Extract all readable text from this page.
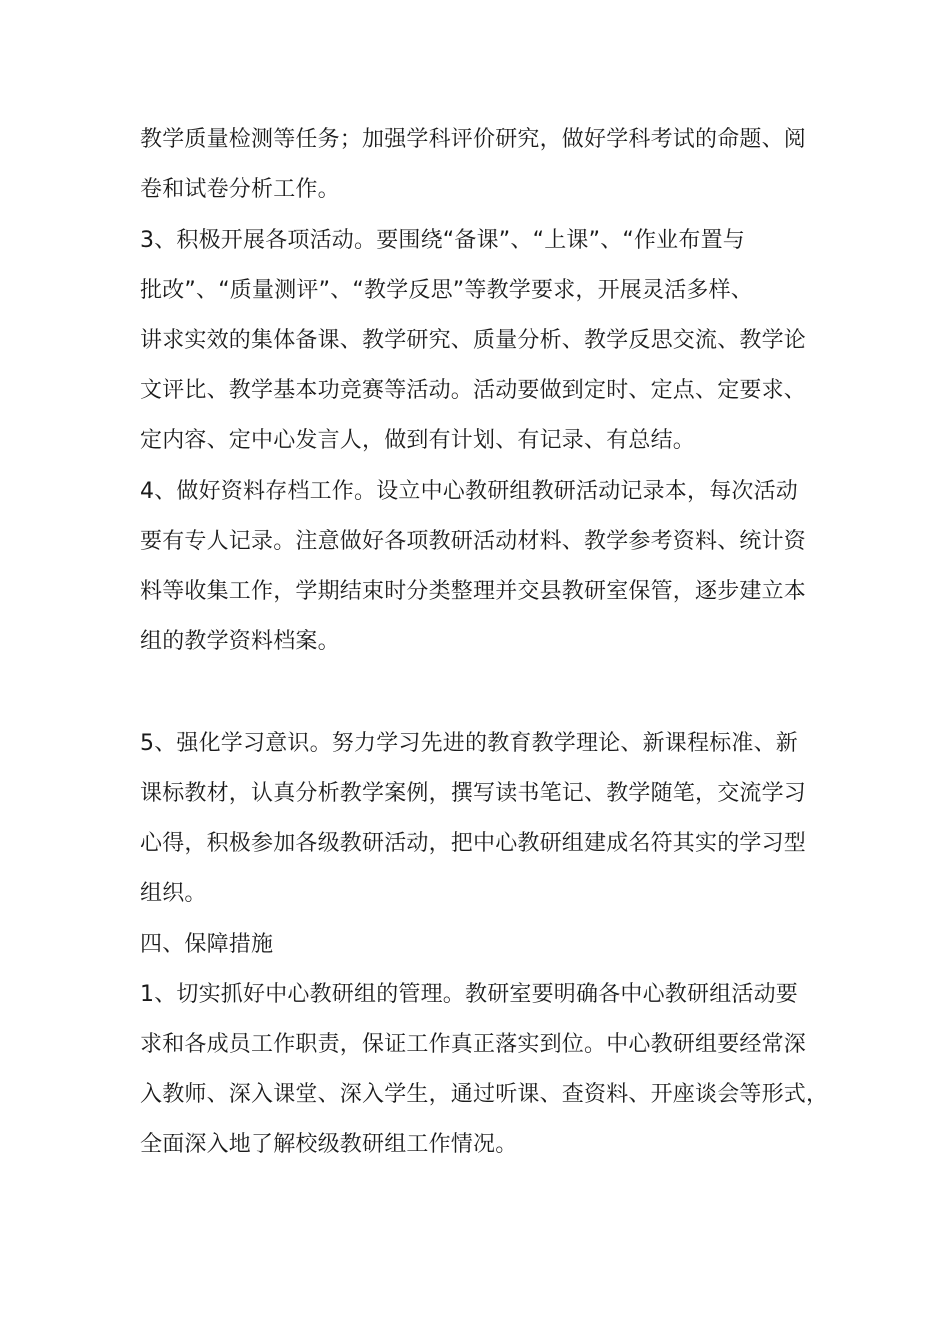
教学质量检测等任务；加强学科评价研究，做好学科考试的命题、阅
卷和试卷分析工作。
3、积极开展各项活动。要围绕“备课”、“上课”、“作业布置与
批改”、“质量测评”、“教学反思”等教学要求，开展灵活多样、
讲求实效的集体备课、教学研究、质量分析、教学反思交流、教学论
文评比、教学基本功竞赛等活动。活动要做到定时、定点、定要求、
定内容、定中心发言人，做到有计划、有记录、有总结。
4、做好资料存档工作。设立中心教研组教研活动记录本，每次活动
要有专人记录。注意做好各项教研活动材料、教学参考资料、统计资
料等收集工作，学期结束时分类整理并交县教研室保管，逐步建立本
组的教学资料档案。
5、强化学习意识。努力学习先进的教育教学理论、新课程标准、新
课标教材，认真分析教学案例，撰写读书笔记、教学随笔，交流学习
心得，积极参加各级教研活动，把中心教研组建成名符其实的学习型
组织。
四、保障措施
1、切实抓好中心教研组的管理。教研室要明确各中心教研组活动要
求和各成员工作职责，保证工作真正落实到位。中心教研组要经常深
入教师、深入课堂、深入学生，通过听课、查资料、开座谈会等形式，
全面深入地了解校级教研组工作情况。
